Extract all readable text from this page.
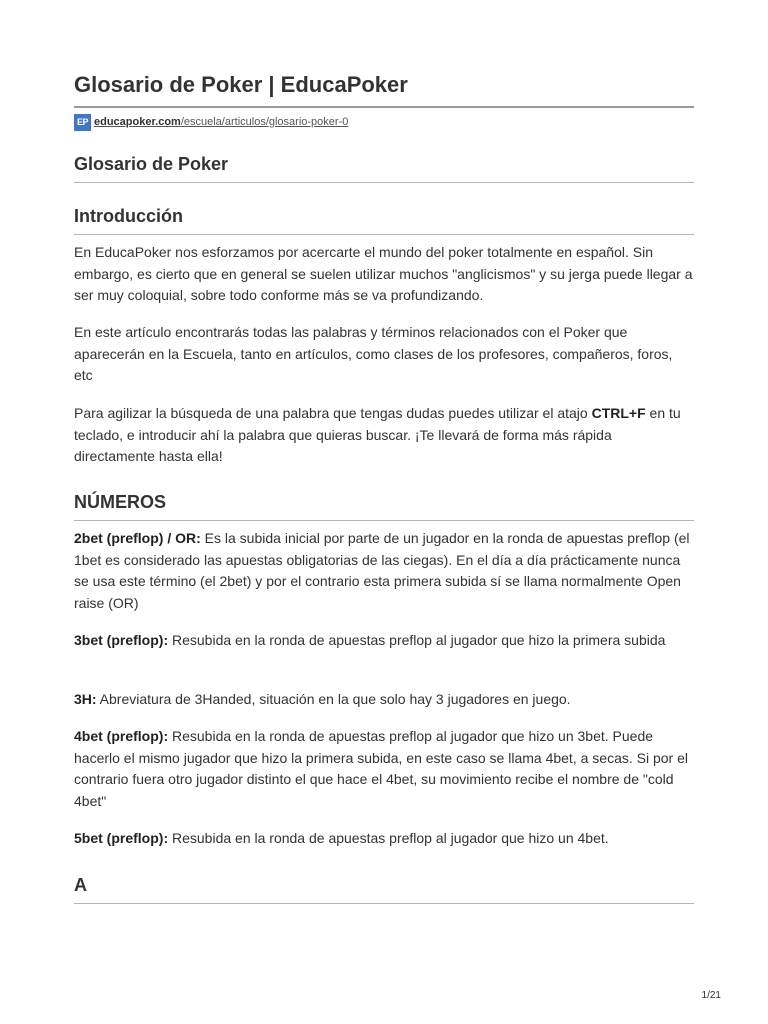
Glosario de Poker | EducaPoker
EP educapoker.com/escuela/articulos/glosario-poker-0
Glosario de Poker
Introducción

En EducaPoker nos esforzamos por acercarte el mundo del poker totalmente en español. Sin embargo, es cierto que en general se suelen utilizar muchos "anglicismos" y su jerga puede llegar a ser muy coloquial, sobre todo conforme más se va profundizando.

En este artículo encontrarás todas las palabras y términos relacionados con el Poker que aparecerán en la Escuela, tanto en artículos, como clases de los profesores, compañeros, foros, etc

Para agilizar la búsqueda de una palabra que tengas dudas puedes utilizar el atajo CTRL+F en tu teclado, e introducir ahí la palabra que quieras buscar. ¡Te llevará de forma más rápida directamente hasta ella!

NÚMEROS

2bet (preflop) / OR: Es la subida inicial por parte de un jugador en la ronda de apuestas preflop (el 1bet es considerado las apuestas obligatorias de las ciegas). En el día a día prácticamente nunca se usa este término (el 2bet) y por el contrario esta primera subida sí se llama normalmente Open raise (OR)

3bet (preflop): Resubida en la ronda de apuestas preflop al jugador que hizo la primera subida

3H: Abreviatura de 3Handed, situación en la que solo hay 3 jugadores en juego.

4bet (preflop): Resubida en la ronda de apuestas preflop al jugador que hizo un 3bet. Puede hacerlo el mismo jugador que hizo la primera subida, en este caso se llama 4bet, a secas. Si por el contrario fuera otro jugador distinto el que hace el 4bet, su movimiento recibe el nombre de "cold 4bet"

5bet (preflop): Resubida en la ronda de apuestas preflop al jugador que hizo un 4bet.

A
1/21
